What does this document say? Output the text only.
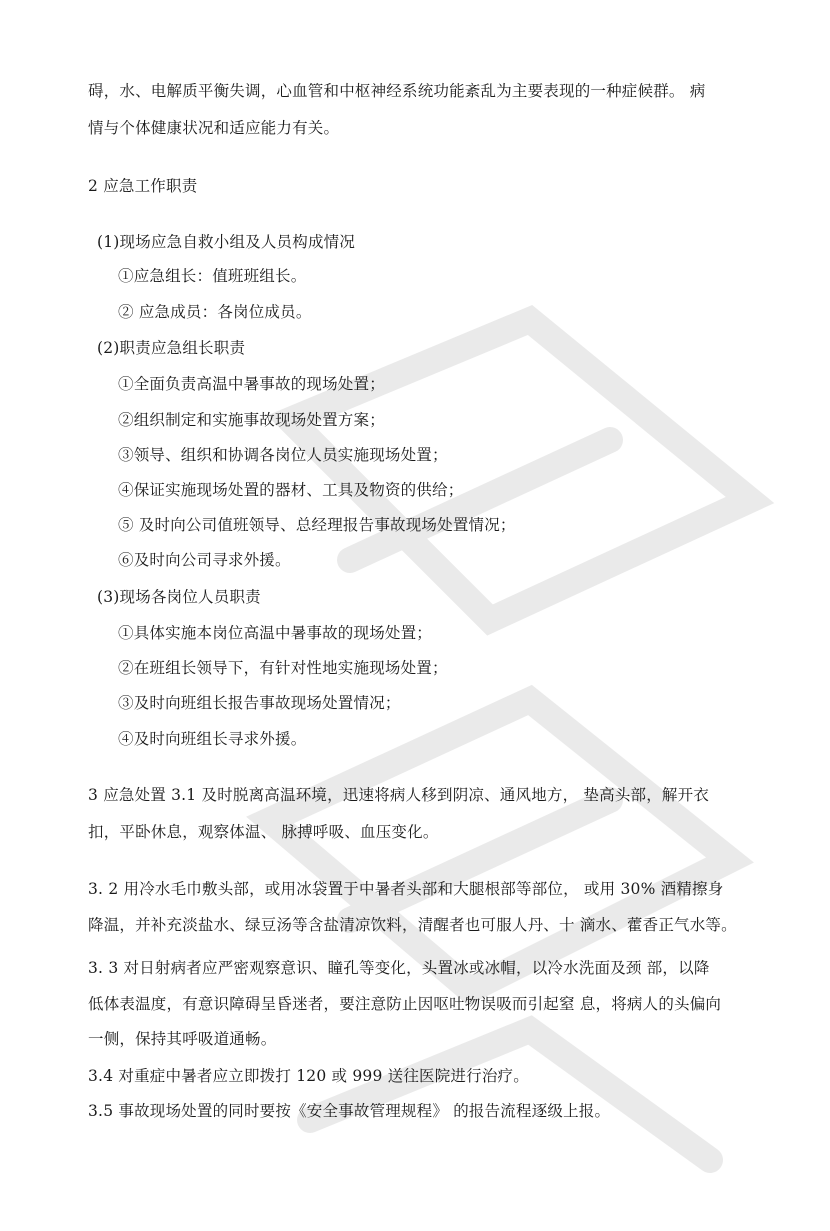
碍，水、电解质平衡失调，心血管和中枢神经系统功能紊乱为主要表现的一种症候群。 病
情与个体健康状况和适应能力有关。
2 应急工作职责
(1)现场应急自救小组及人员构成情况
①应急组长：值班班组长。
② 应急成员：各岗位成员。
(2)职责应急组长职责
①全面负责高温中暑事故的现场处置；
②组织制定和实施事故现场处置方案；
③领导、组织和协调各岗位人员实施现场处置；
④保证实施现场处置的器材、工具及物资的供给；
⑤ 及时向公司值班领导、总经理报告事故现场处置情况；
⑥及时向公司寻求外援。
(3)现场各岗位人员职责
①具体实施本岗位高温中暑事故的现场处置；
②在班组长领导下，有针对性地实施现场处置；
③及时向班组长报告事故现场处置情况；
④及时向班组长寻求外援。
3 应急处置 3.1 及时脱离高温环境，迅速将病人移到阴凉、通风地方， 垫高头部，解开衣
扣，平卧休息，观察体温、 脉搏呼吸、血压变化。
3. 2 用冷水毛巾敷头部，或用冰袋置于中暑者头部和大腿根部等部位， 或用 30% 酒精擦身
降温，并补充淡盐水、绿豆汤等含盐清凉饮料，清醒者也可服人丹、十 滴水、藿香正气水等。
3. 3 对日射病者应严密观察意识、瞳孔等变化，头置冰或冰帽，以冷水洗面及颈 部，以降
低体表温度，有意识障碍呈昏迷者，要注意防止因呕吐物误吸而引起窒 息，将病人的头偏向
一侧，保持其呼吸道通畅。
3.4 对重症中暑者应立即拨打 120 或 999 送往医院进行治疗。
3.5 事故现场处置的同时要按《安全事故管理规程》 的报告流程逐级上报。
